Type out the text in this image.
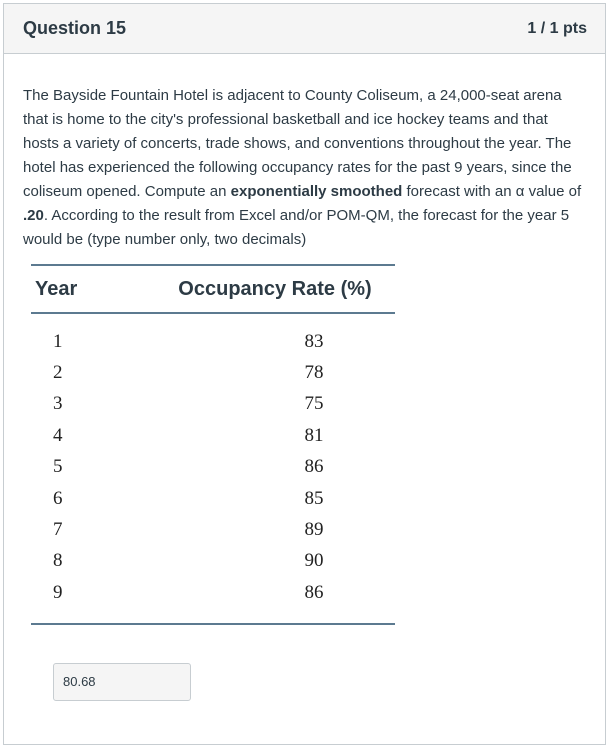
Question 15	1 / 1 pts

The Bayside Fountain Hotel is adjacent to County Coliseum, a 24,000-seat arena that is home to the city's professional basketball and ice hockey teams and that hosts a variety of concerts, trade shows, and conventions throughout the year. The hotel has experienced the following occupancy rates for the past 9 years, since the coliseum opened. Compute an exponentially smoothed forecast with an α value of .20. According to the result from Excel and/or POM-QM, the forecast for the year 5 would be (type number only, two decimals)

Year	Occupancy Rate (%)
1	83
2	78
3	75
4	81
5	86
6	85
7	89
8	90
9	86
80.68
